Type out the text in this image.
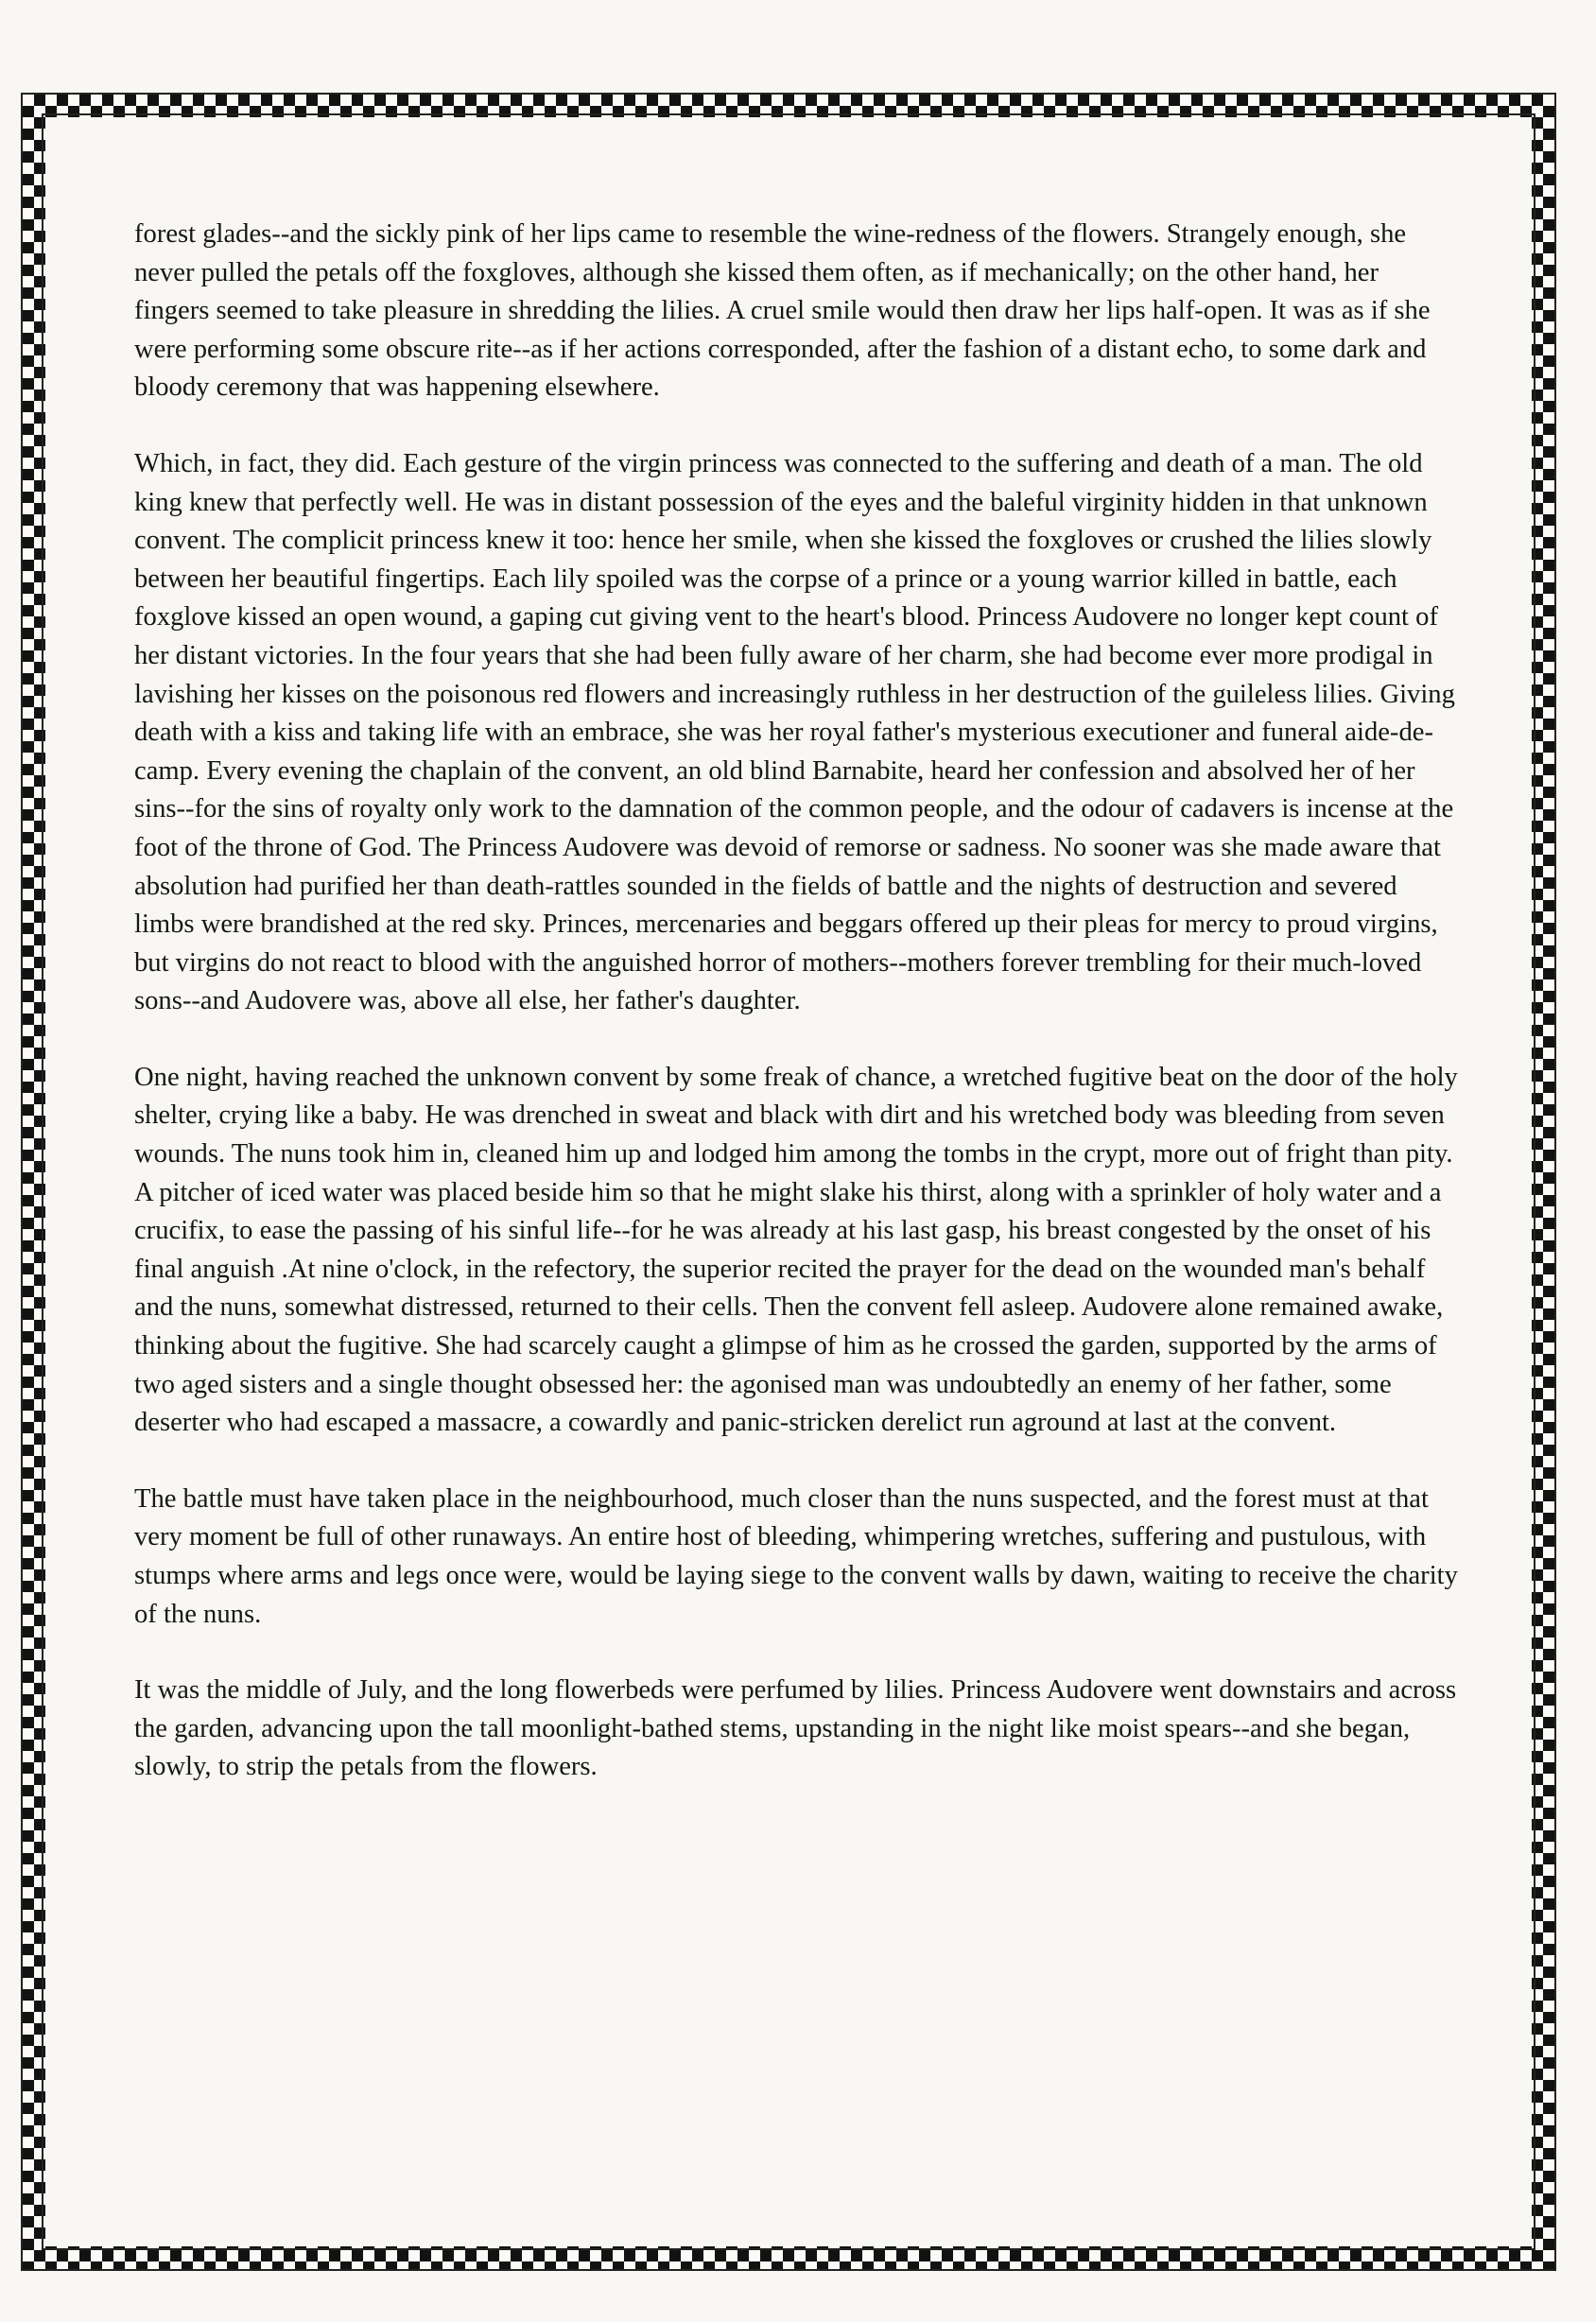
forest glades--and the sickly pink of her lips came to resemble the wine-redness of the flowers. Strangely enough, she never pulled the petals off the foxgloves, although she kissed them often, as if mechanically; on the other hand, her fingers seemed to take pleasure in shredding the lilies. A cruel smile would then draw her lips half-open. It was as if she were performing some obscure rite--as if her actions corresponded, after the fashion of a distant echo, to some dark and bloody ceremony that was happening elsewhere.

Which, in fact, they did. Each gesture of the virgin princess was connected to the suffering and death of a man. The old king knew that perfectly well. He was in distant possession of the eyes and the baleful virginity hidden in that unknown convent. The complicit princess knew it too: hence her smile, when she kissed the foxgloves or crushed the lilies slowly between her beautiful fingertips. Each lily spoiled was the corpse of a prince or a young warrior killed in battle, each foxglove kissed an open wound, a gaping cut giving vent to the heart's blood. Princess Audovere no longer kept count of her distant victories. In the four years that she had been fully aware of her charm, she had become ever more prodigal in lavishing her kisses on the poisonous red flowers and increasingly ruthless in her destruction of the guileless lilies. Giving death with a kiss and taking life with an embrace, she was her royal father's mysterious executioner and funeral aide-de-camp. Every evening the chaplain of the convent, an old blind Barnabite, heard her confession and absolved her of her sins--for the sins of royalty only work to the damnation of the common people, and the odour of cadavers is incense at the foot of the throne of God. The Princess Audovere was devoid of remorse or sadness. No sooner was she made aware that absolution had purified her than death-rattles sounded in the fields of battle and the nights of destruction and severed limbs were brandished at the red sky. Princes, mercenaries and beggars offered up their pleas for mercy to proud virgins, but virgins do not react to blood with the anguished horror of mothers--mothers forever trembling for their much-loved sons--and Audovere was, above all else, her father's daughter.

One night, having reached the unknown convent by some freak of chance, a wretched fugitive beat on the door of the holy shelter, crying like a baby. He was drenched in sweat and black with dirt and his wretched body was bleeding from seven wounds. The nuns took him in, cleaned him up and lodged him among the tombs in the crypt, more out of fright than pity. A pitcher of iced water was placed beside him so that he might slake his thirst, along with a sprinkler of holy water and a crucifix, to ease the passing of his sinful life--for he was already at his last gasp, his breast congested by the onset of his final anguish .At nine o'clock, in the refectory, the superior recited the prayer for the dead on the wounded man's behalf and the nuns, somewhat distressed, returned to their cells. Then the convent fell asleep. Audovere alone remained awake, thinking about the fugitive. She had scarcely caught a glimpse of him as he crossed the garden, supported by the arms of two aged sisters and a single thought obsessed her: the agonised man was undoubtedly an enemy of her father, some deserter who had escaped a massacre, a cowardly and panic-stricken derelict run aground at last at the convent.

The battle must have taken place in the neighbourhood, much closer than the nuns suspected, and the forest must at that very moment be full of other runaways. An entire host of bleeding, whimpering wretches, suffering and pustulous, with stumps where arms and legs once were, would be laying siege to the convent walls by dawn, waiting to receive the charity of the nuns.

It was the middle of July, and the long flowerbeds were perfumed by lilies. Princess Audovere went downstairs and across the garden, advancing upon the tall moonlight-bathed stems, upstanding in the night like moist spears--and she began, slowly, to strip the petals from the flowers.
